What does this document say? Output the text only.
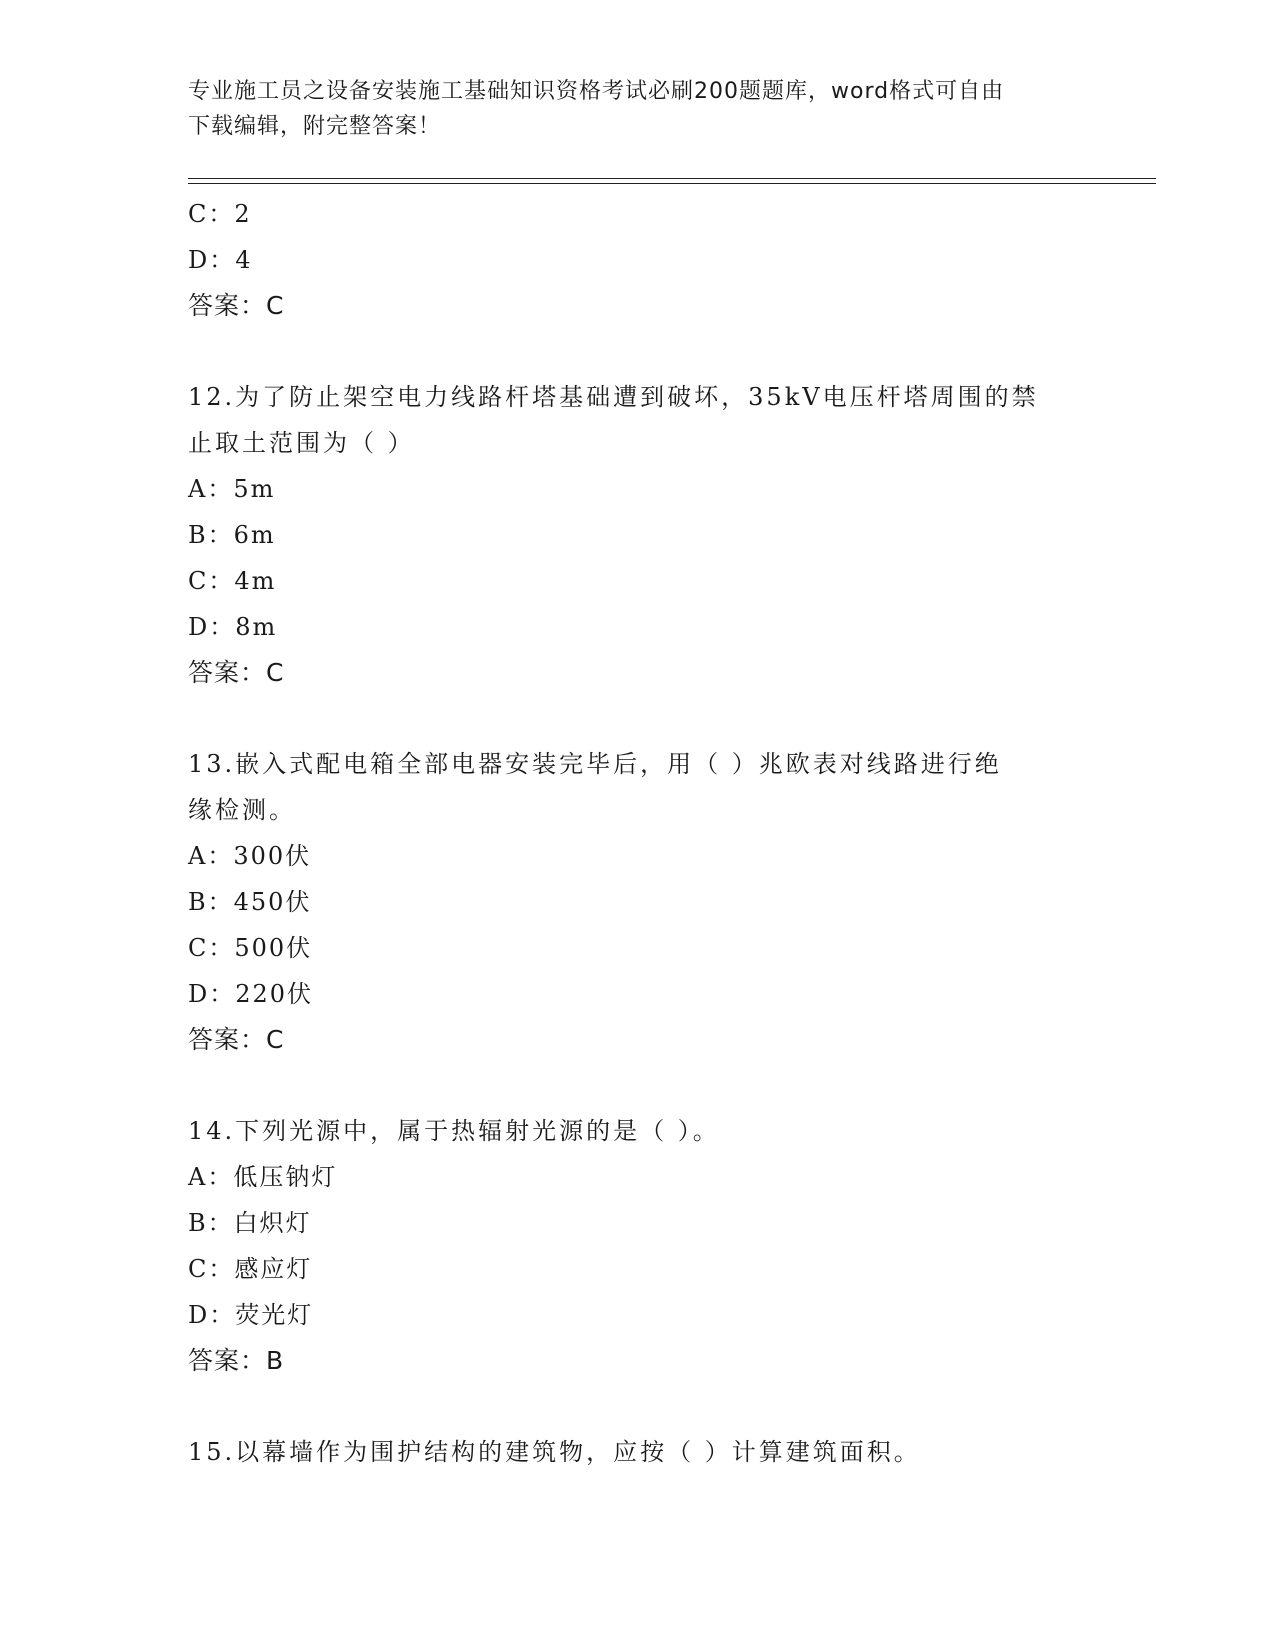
专业施工员之设备安装施工基础知识资格考试必刷200题题库，word格式可自由
下载编辑，附完整答案！
C：2
D：4
答案：C
12.为了防止架空电力线路杆塔基础遭到破坏，35kV电压杆塔周围的禁
止取土范围为（ ）
A：5m
B：6m
C：4m
D：8m
答案：C
13.嵌入式配电箱全部电器安装完毕后，用（ ）兆欧表对线路进行绝
缘检测。
A：300伏
B：450伏
C：500伏
D：220伏
答案：C
14.下列光源中，属于热辐射光源的是（ ）。
A：低压钠灯
B：白炽灯
C：感应灯
D：荧光灯
答案：B
15.以幕墙作为围护结构的建筑物，应按（ ）计算建筑面积。
